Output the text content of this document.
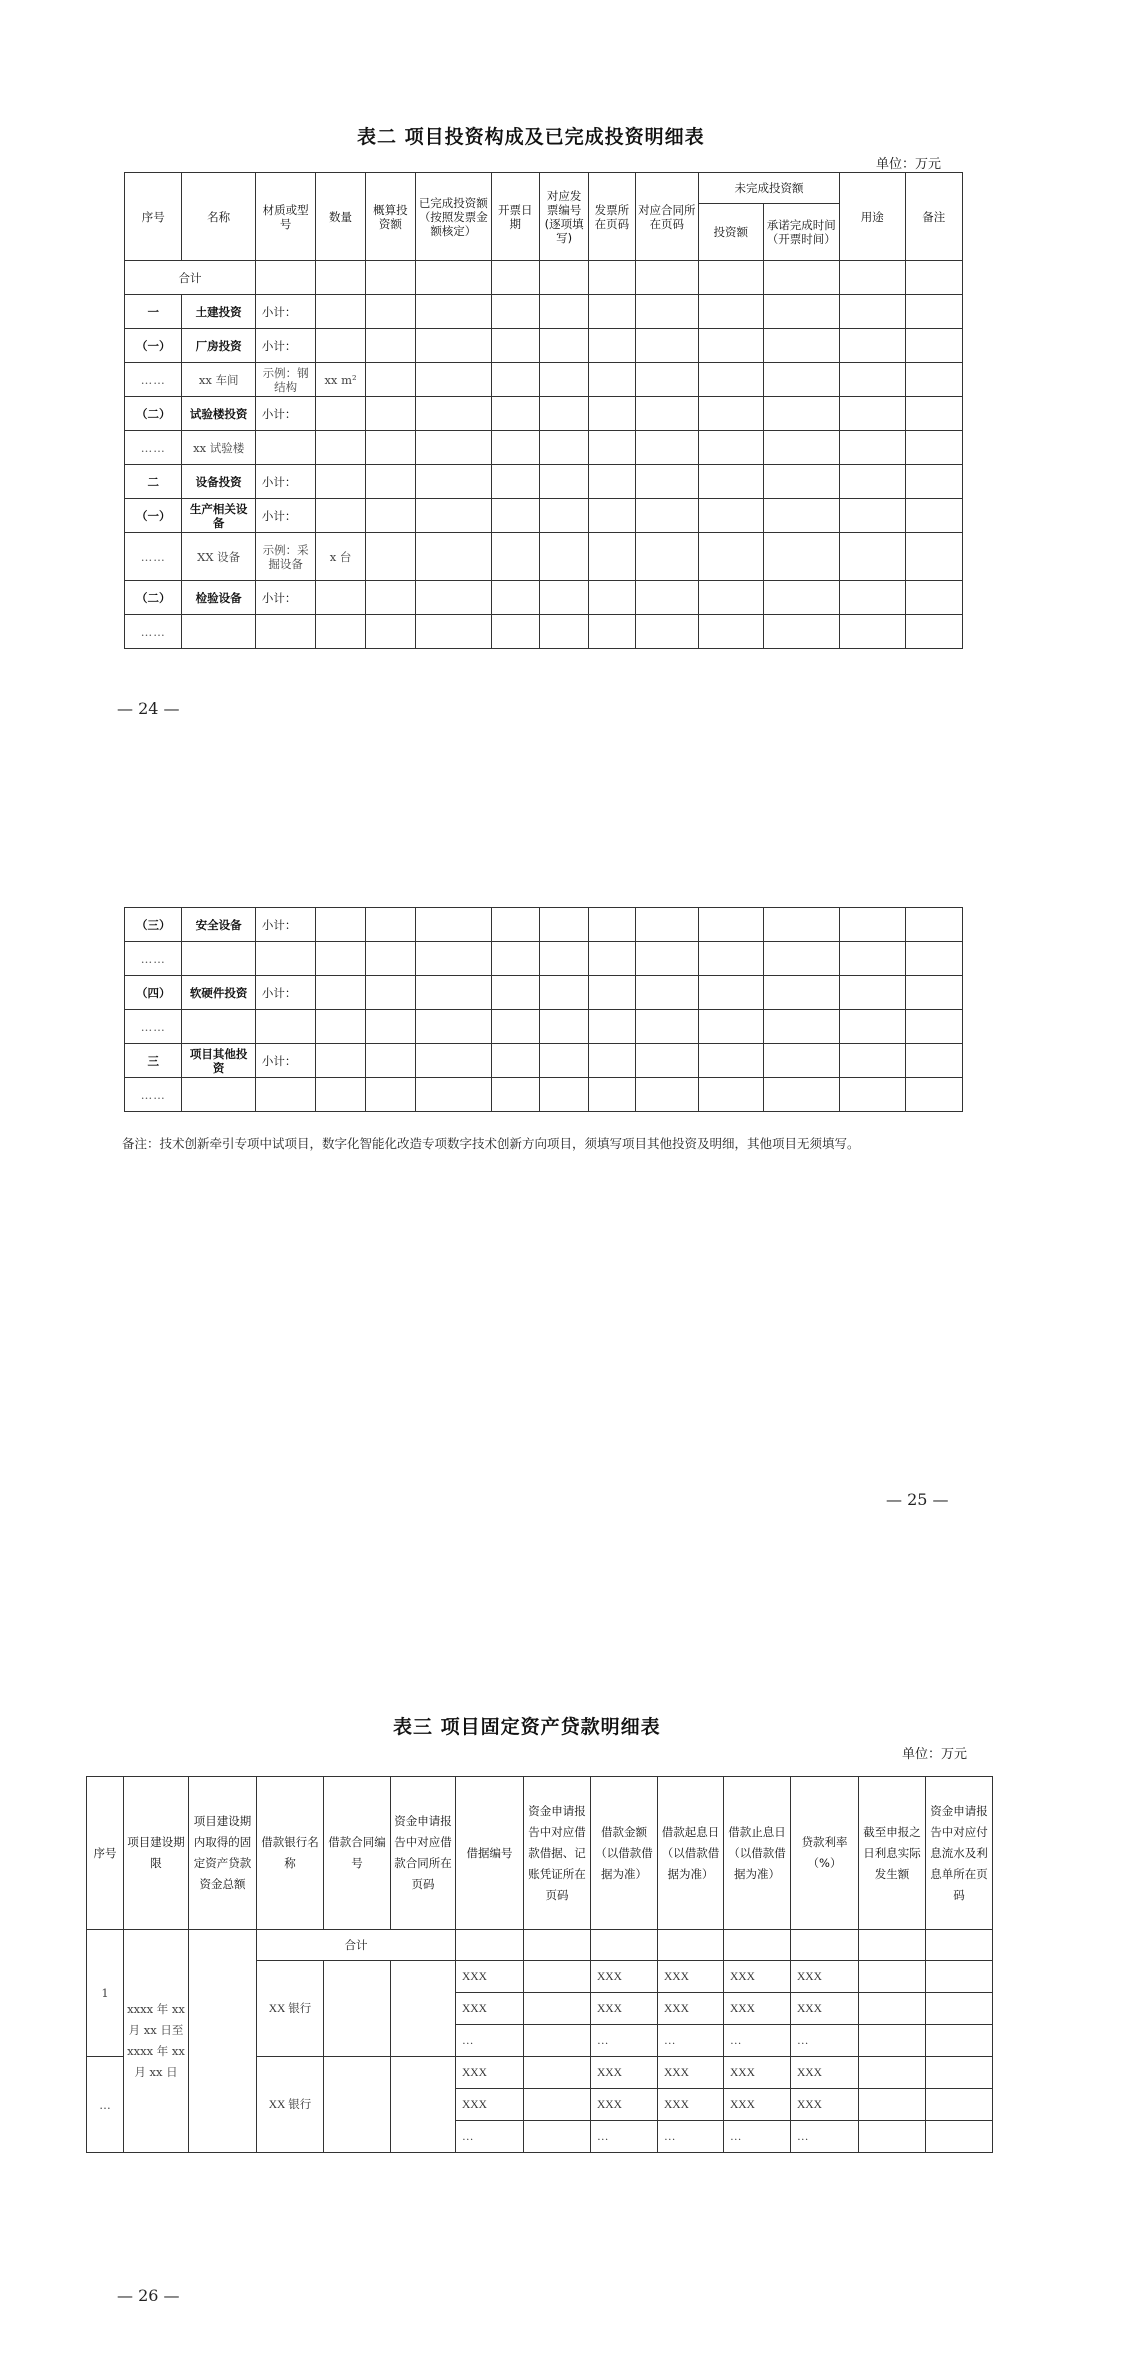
表二 项目投资构成及已完成投资明细表
单位：万元
序号	名称	材质或型号	数量	概算投资额	已完成投资额（按照发票金额核定）	开票日期	对应发票编号(逐项填写)	发票所在页码	对应合同所在页码	未完成投资额		用途	备注
										投资额	承诺完成时间（开票时间）		
合计													
一	土建投资	小计：											
（一）	厂房投资	小计：											
……	xx 车间	示例：钢结构	xx m²										
（二）	试验楼投资	小计：											
……	xx 试验楼												
二	设备投资	小计：											
（一）	生产相关设备	小计：											
……	XX 设备	示例：采掘设备	x 台										
（二）	检验设备	小计：											
……													
— 24 —
（三）	安全设备	小计：											
……													
（四）	软硬件投资	小计：											
……													
三	项目其他投资	小计：											
……													
备注：技术创新牵引专项中试项目，数字化智能化改造专项数字技术创新方向项目，须填写项目其他投资及明细，其他项目无须填写。
— 25 —
表三 项目固定资产贷款明细表
单位：万元
序号	项目建设期限	项目建设期内取得的固定资产贷款资金总额	借款银行名称	借款合同编号	资金申请报告中对应借款合同所在页码	借据编号	资金申请报告中对应借款借据、记账凭证所在页码	借款金额（以借款借据为准）	借款起息日（以借款借据为准）	借款止息日（以借款借据为准）	贷款利率（%）	截至申报之日利息实际发生额	资金申请报告中对应付息流水及利息单所在页码
1	xxxx 年 xx 月 xx 日至 xxxx 年 xx 月 xx 日		合计										
			XX 银行			XXX		XXX	XXX	XXX	XXX		
						XXX		XXX	XXX	XXX	XXX		
						…		…	…	…	…		
…			XX 银行			XXX		XXX	XXX	XXX	XXX		
						XXX		XXX	XXX	XXX	XXX		
						…		…	…	…	…		
— 26 —
